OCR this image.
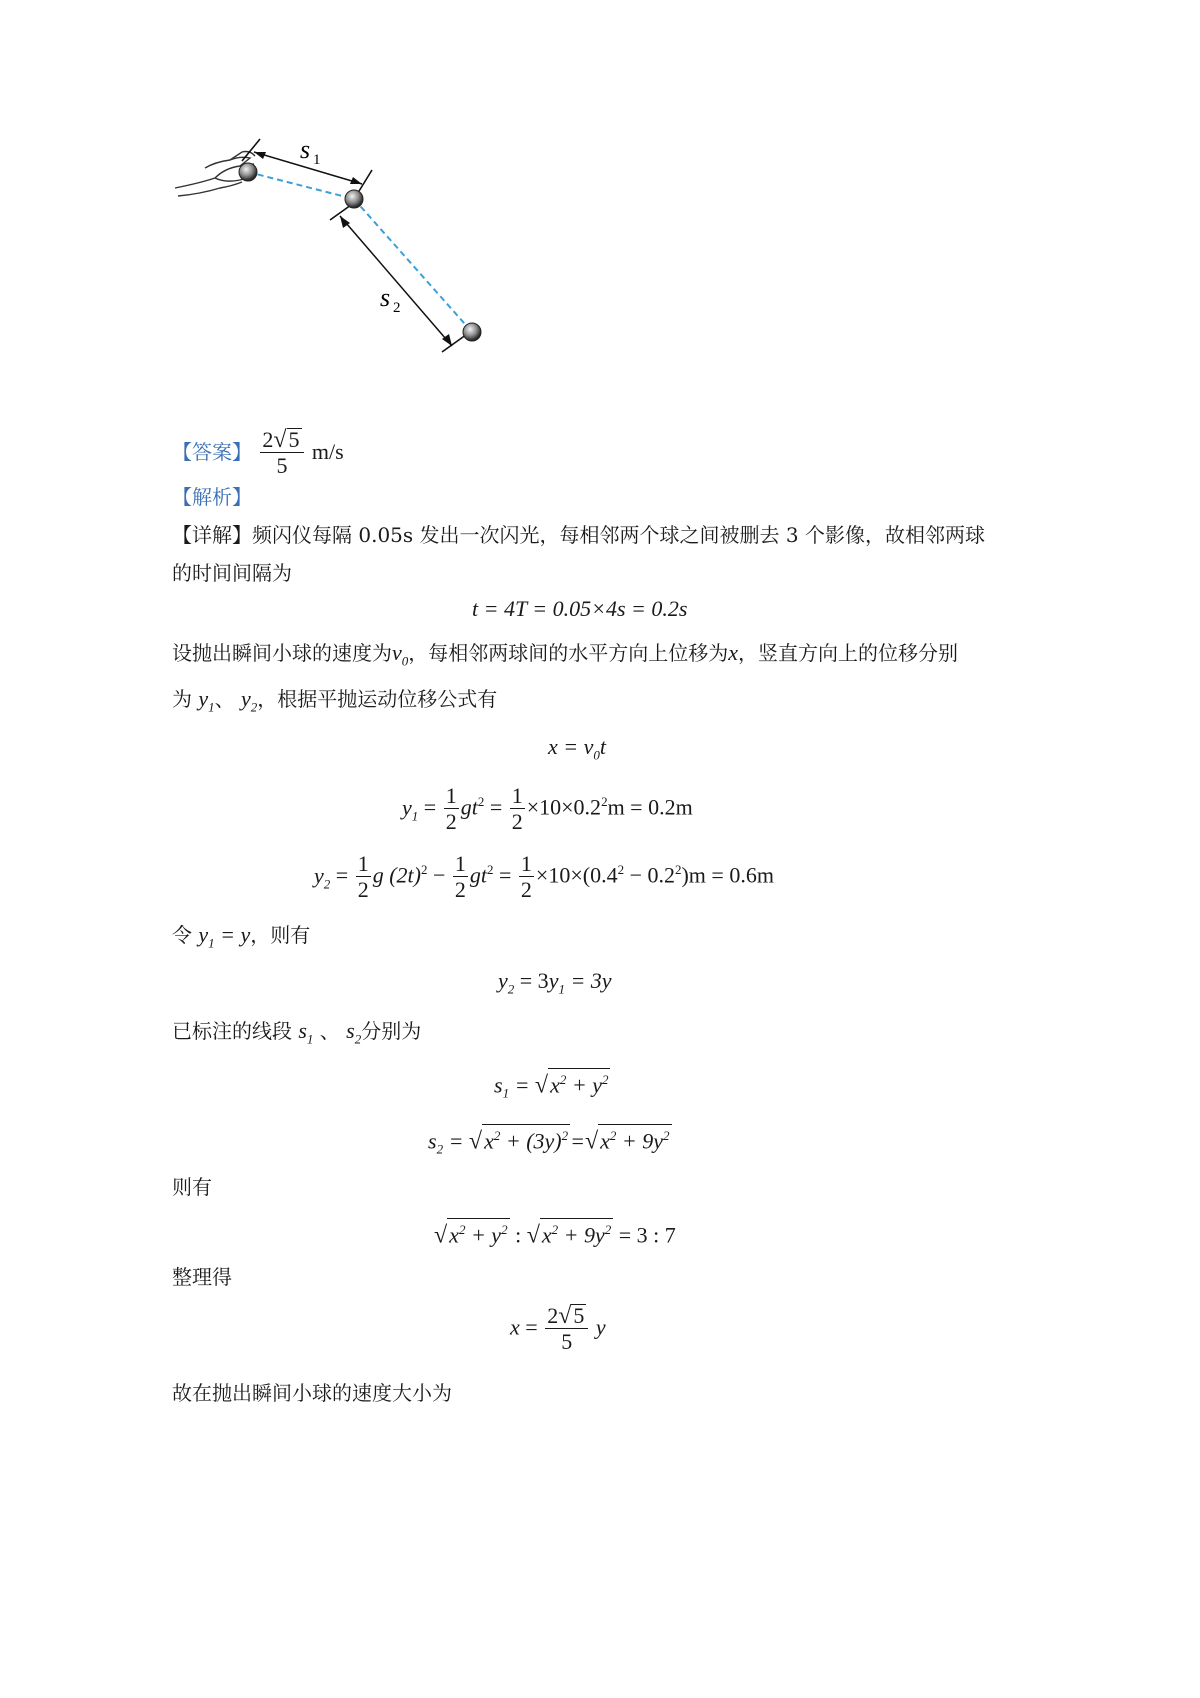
s 1
s 2
【答案】 $\frac{2√5}{5} m/s$
【解析】
【详解】频闪仪每隔 0.05s 发出一次闪光，每相邻两个球之间被删去 3 个影像，故相邻两球
的时间间隔为
t = 4T = 0.05×4s = 0.2s
设抛出瞬间小球的速度为$v_0$，每相邻两球间的水平方向上位移为x，竖直方向上的位移分别
为 $y_1$、 $y_2$，根据平抛运动位移公式有
$x = v_0t$
$y_1 = \frac{1}{2} gt^2 = \frac{1}{2} \times 10\times 0.2^2m = 0.2m$
$y_2 = \frac{1}{2}$ g $(2t)^2 - \frac{1}{2} gt^2 = \frac{1}{2} \times 10\times(0.4^2 - 0.2^2)m = 0.6m$
令 $y_1 = y$，则有
$y_2 = 3y_1 = 3y$
已标注的线段 $s_1$ 、 $s_2$分别为
$s_1 = √x^2 + y^2$
$s_2 = √x^2 + (3y)^2=√x^2 + 9y^2$
则有
$√x^2 + y^2$ : $√x^2 + 9y^2 = 3$ : 7
整理得
$x = \frac{2√5}{5}$ y
故在抛出瞬间小球的速度大小为
